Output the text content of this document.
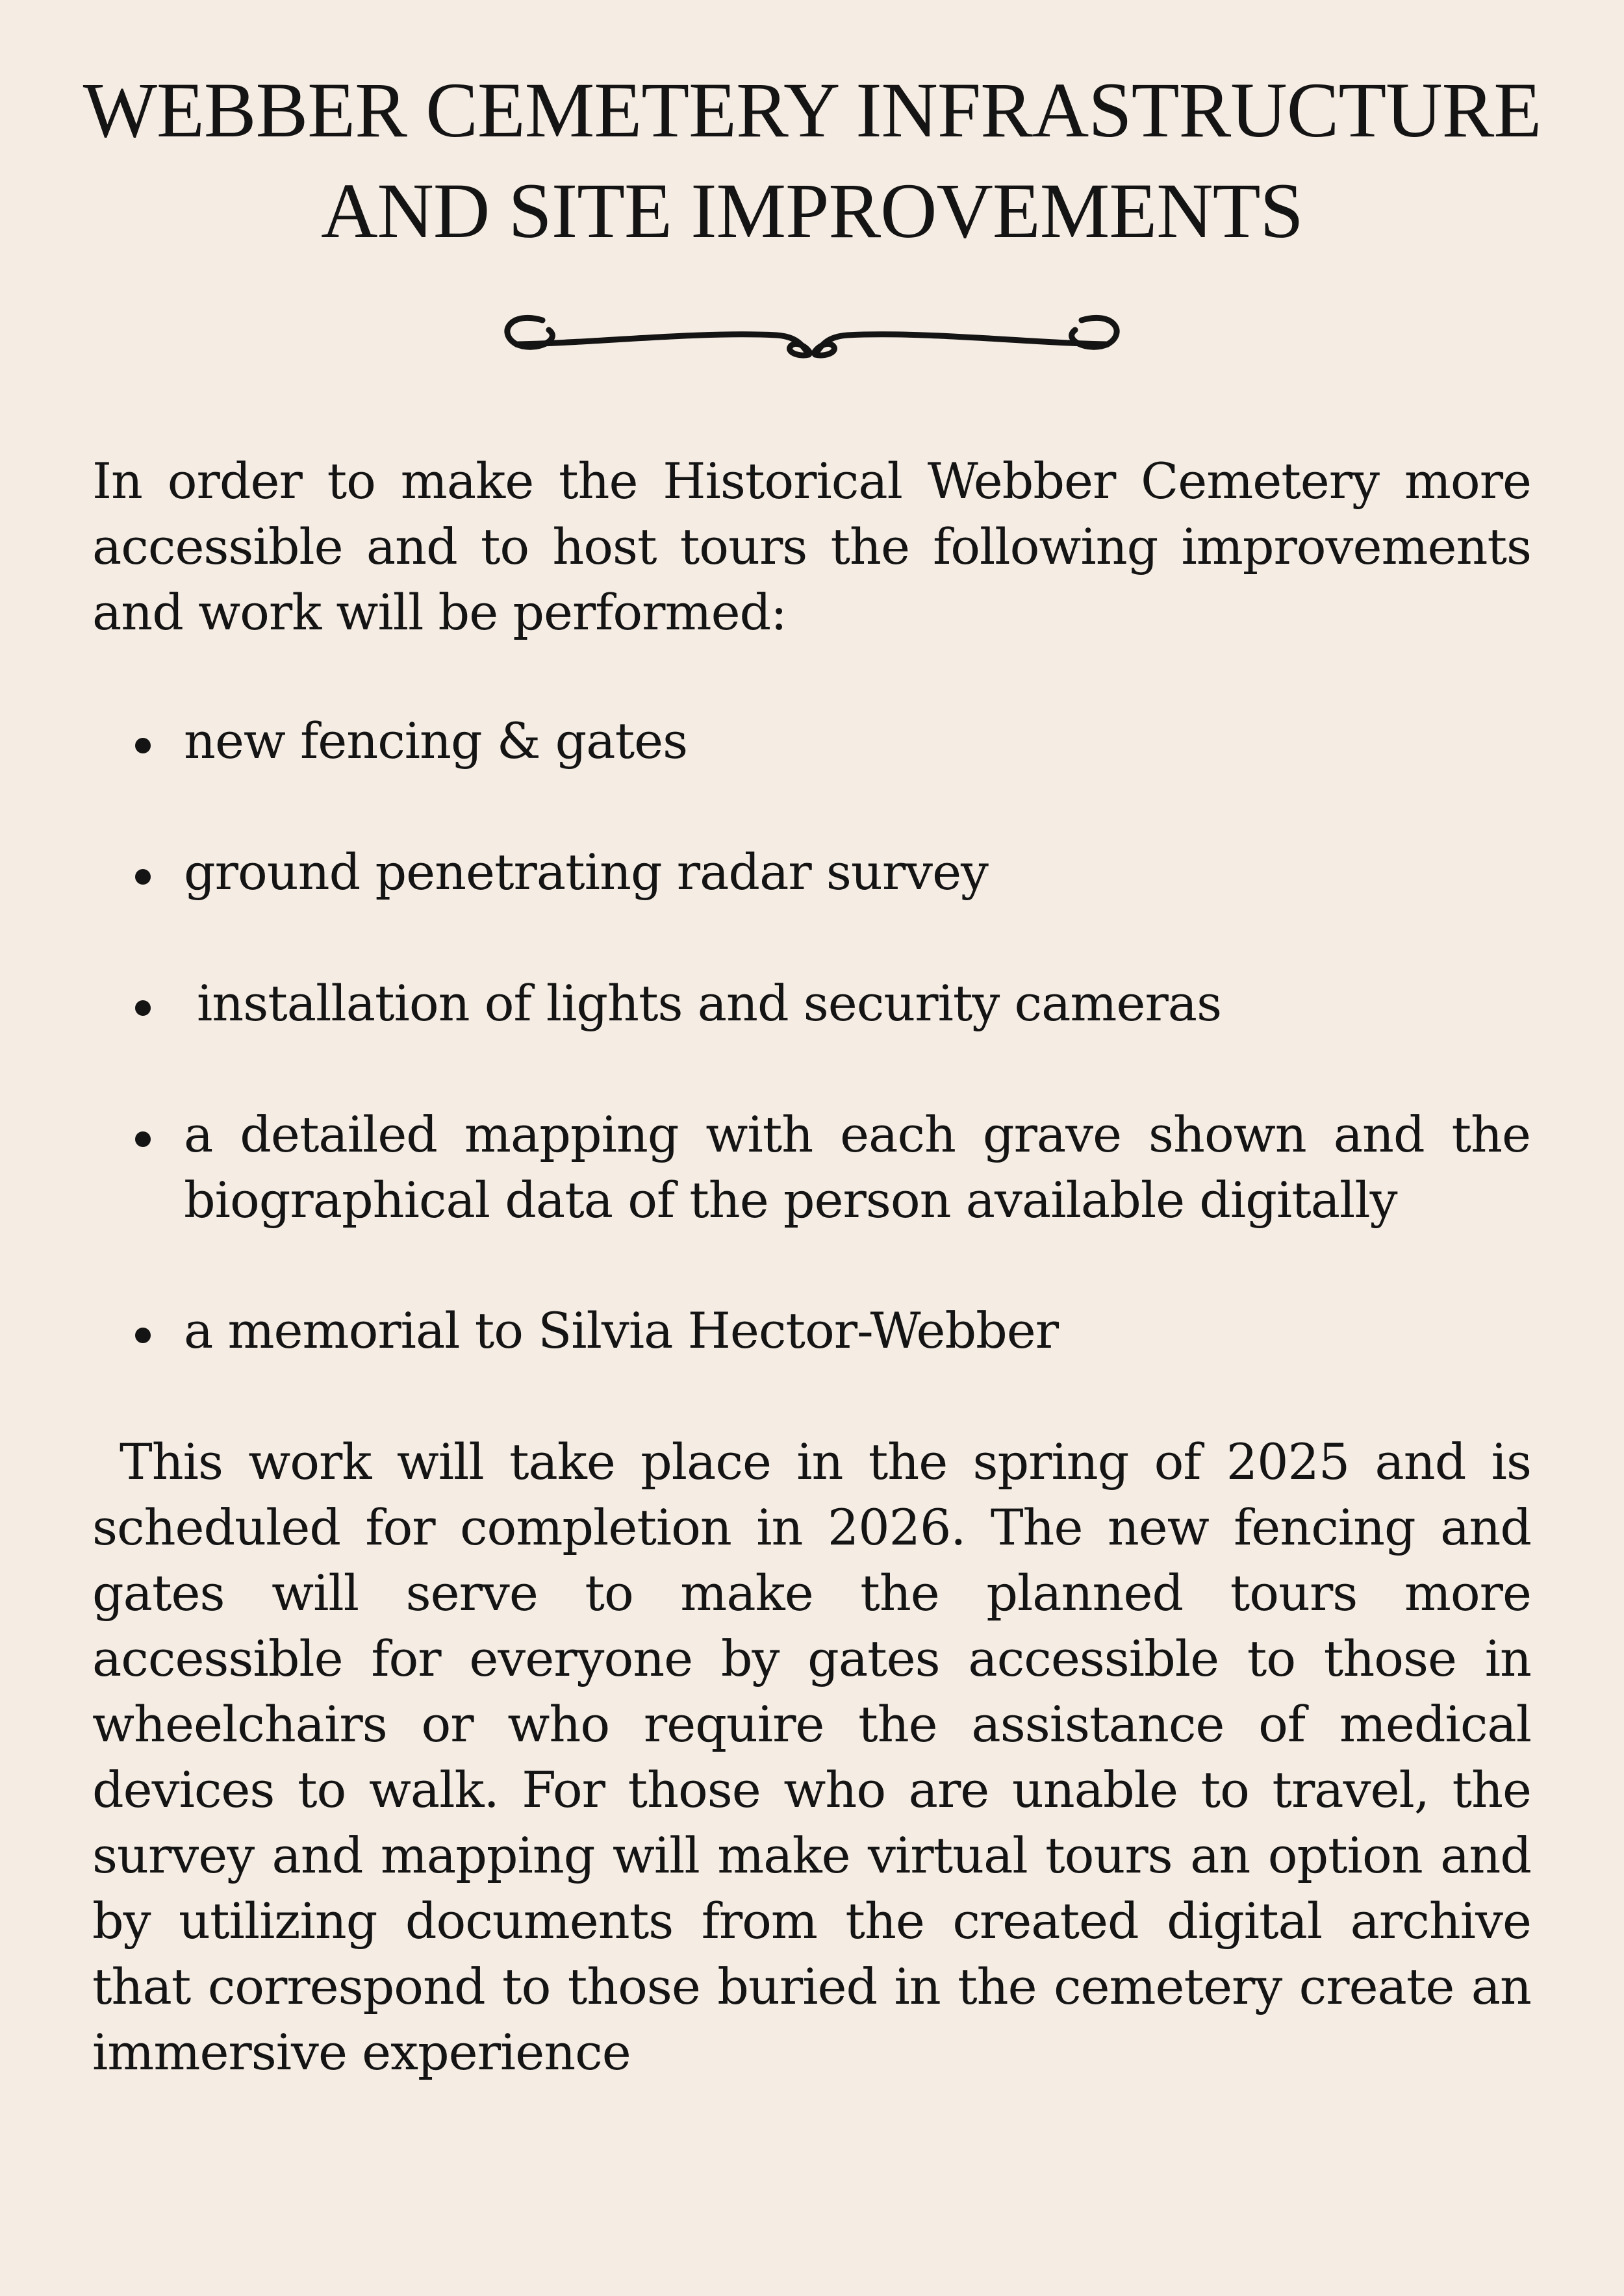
WEBBER CEMETERY INFRASTRUCTURE
AND SITE IMPROVEMENTS

In order to make the Historical Webber Cemetery more accessible and to host tours the following improvements and work will be performed:

new fencing & gates
ground penetrating radar survey
installation of lights and security cameras
a detailed mapping with each grave shown and the biographical data of the person available digitally
a memorial to Silvia Hector-Webber

This work will take place in the spring of 2025 and is scheduled for completion in 2026. The new fencing and gates will serve to make the planned tours more accessible for everyone by gates accessible to those in wheelchairs or who require the assistance of medical devices to walk. For those who are unable to travel, the survey and mapping will make virtual tours an option and by utilizing documents from the created digital archive that correspond to those buried in the cemetery create an immersive experience
